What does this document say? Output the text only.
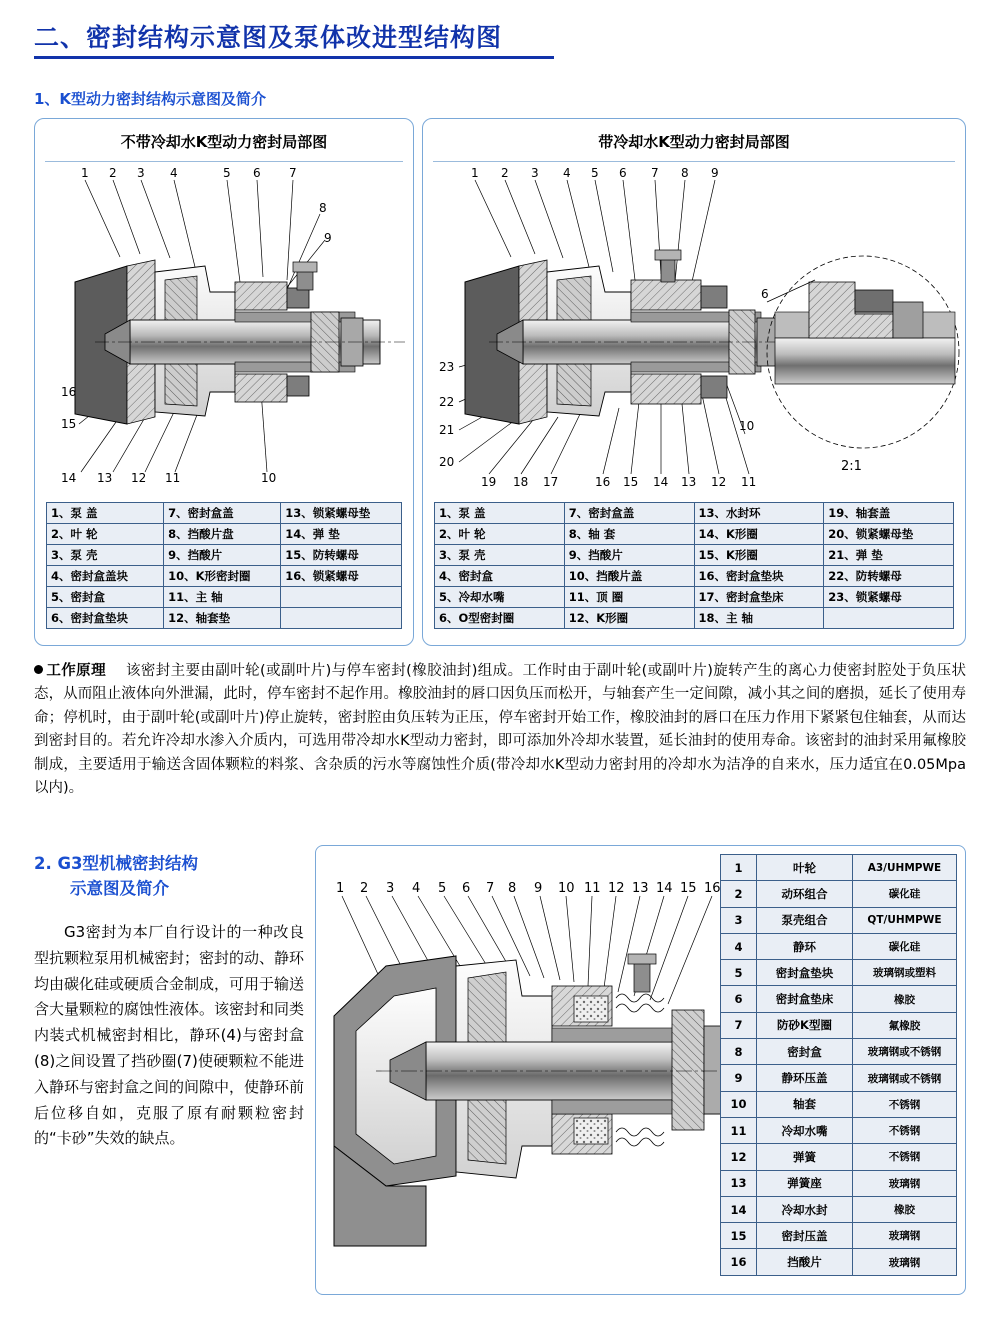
二、密封结构示意图及泵体改进型结构图
1、K型动力密封结构示意图及简介
不带冷却水K型动力密封局部图
1 2 3 4	5 6 7
8
9
16
15
14 13 12 11	10
1、泵 盖	7、密封盒盖	13、锁紧螺母垫
2、叶 轮	8、挡酸片盘	14、弹 垫
3、泵 壳	9、挡酸片	15、防转螺母
4、密封盒盖块	10、K形密封圈	16、锁紧螺母
5、密封盒	11、主 轴	
6、密封盒垫块	12、轴套垫	
带冷却水K型动力密封局部图
6
2:1
1 2 3 4 5 6 7 8 9
23
22
21
20
19 18 17	16 15 14 13 12 11
10
1、泵 盖	7、密封盒盖	13、水封环	19、轴套盖
2、叶 轮	8、轴 套	14、K形圈	20、锁紧螺母垫
3、泵 壳	9、挡酸片	15、K形圈	21、弹 垫
4、密封盒	10、挡酸片盖	16、密封盒垫块	22、防转螺母
5、冷却水嘴	11、顶 圈	17、密封盒垫床	23、锁紧螺母
6、O型密封圈	12、K形圈	18、主 轴	
工作原理 该密封主要由副叶轮(或副叶片)与停车密封(橡胶油封)组成。工作时由于副叶轮(或副叶片)旋转产生的离心力使密封腔处于负压状态，从而阻止液体向外泄漏，此时，停车密封不起作用。橡胶油封的唇口因负压而松开，与轴套产生一定间隙，减小其之间的磨损，延长了使用寿命；停机时，由于副叶轮(或副叶片)停止旋转，密封腔由负压转为正压，停车密封开始工作，橡胶油封的唇口在压力作用下紧紧包住轴套，从而达到密封目的。若允许冷却水渗入介质内，可选用带冷却水K型动力密封，即可添加外冷却水装置，延长油封的使用寿命。该密封的油封采用氟橡胶制成，主要适用于输送含固体颗粒的料浆、含杂质的污水等腐蚀性介质(带冷却水K型动力密封用的冷却水为洁净的自来水，压力适宜在0.05Mpa以内)。
2. G3型机械密封结构
示意图及简介
G3密封为本厂自行设计的一种改良型抗颗粒泵用机械密封；密封的动、静环均由碳化硅或硬质合金制成，可用于输送含大量颗粒的腐蚀性液体。该密封和同类内装式机械密封相比，静环(4)与密封盒(8)之间设置了挡砂圈(7)使硬颗粒不能进入静环与密封盒之间的间隙中，使静环前后位移自如，克服了原有耐颗粒密封的“卡砂”失效的缺点。
1 2 3 4 5 6 7 8 9 10 11 12 13 14 15 16
1	叶轮	A3/UHMPWE
2	动环组合	碳化硅
3	泵壳组合	QT/UHMPWE
4	静环	碳化硅
5	密封盒垫块	玻璃钢或塑料
6	密封盒垫床	橡胶
7	防砂K型圈	氟橡胶
8	密封盒	玻璃钢或不锈钢
9	静环压盖	玻璃钢或不锈钢
10	轴套	不锈钢
11	冷却水嘴	不锈钢
12	弹簧	不锈钢
13	弹簧座	玻璃钢
14	冷却水封	橡胶
15	密封压盖	玻璃钢
16	挡酸片	玻璃钢
